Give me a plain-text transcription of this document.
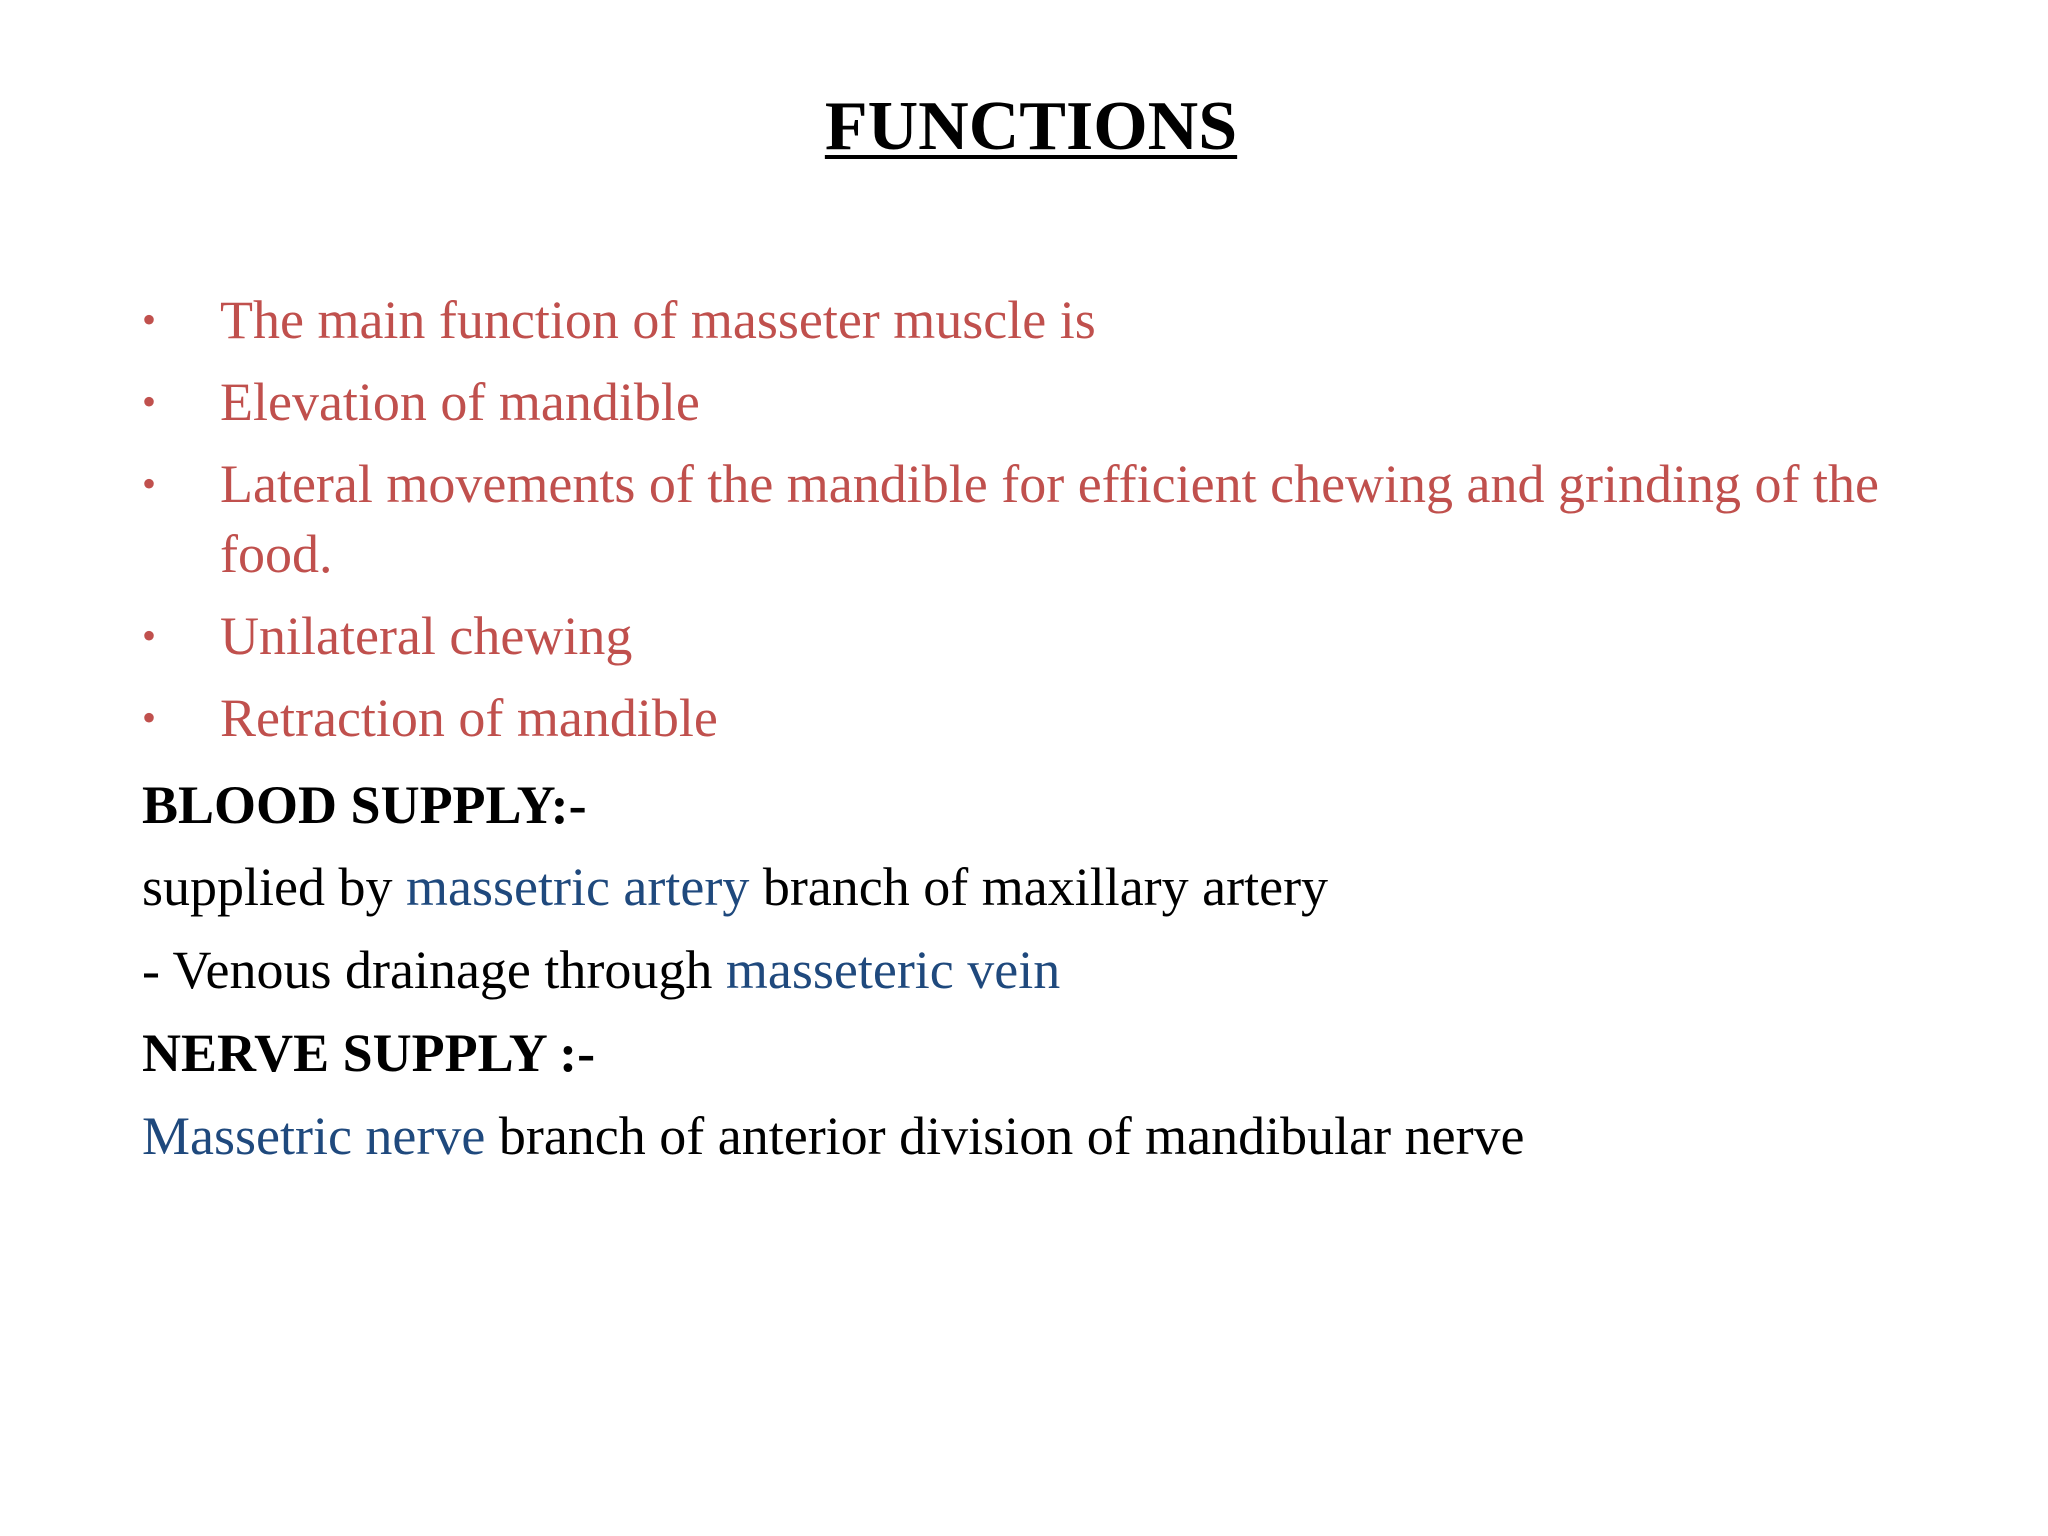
FUNCTIONS
• The main function of masseter muscle is
• Elevation of mandible
• Lateral movements of the mandible for efficient chewing and grinding of the food.
• Unilateral chewing
• Retraction of mandible
BLOOD SUPPLY:-
supplied by massetric artery branch of maxillary artery
- Venous drainage through masseteric vein
NERVE SUPPLY :-
Massetric nerve branch of anterior division of mandibular nerve
